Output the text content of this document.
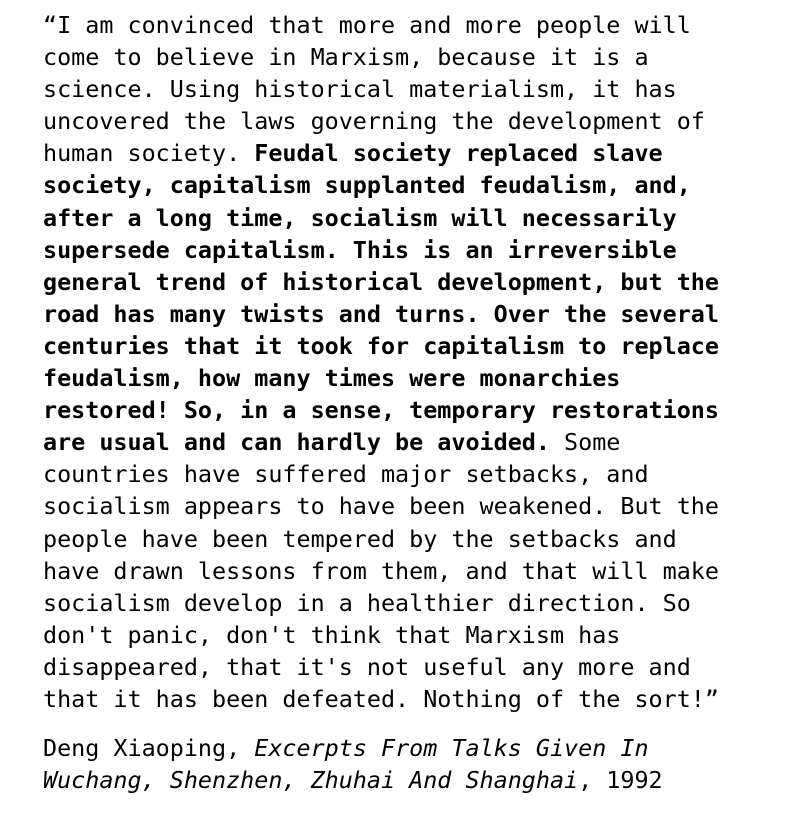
“I am convinced that more and more people will
come to believe in Marxism, because it is a
science. Using historical materialism, it has
uncovered the laws governing the development of
human society. Feudal society replaced slave
society, capitalism supplanted feudalism, and,
after a long time, socialism will necessarily
supersede capitalism. This is an irreversible
general trend of historical development, but the
road has many twists and turns. Over the several
centuries that it took for capitalism to replace
feudalism, how many times were monarchies
restored! So, in a sense, temporary restorations
are usual and can hardly be avoided. Some
countries have suffered major setbacks, and
socialism appears to have been weakened. But the
people have been tempered by the setbacks and
have drawn lessons from them, and that will make
socialism develop in a healthier direction. So
don't panic, don't think that Marxism has
disappeared, that it's not useful any more and
that it has been defeated. Nothing of the sort!”

Deng Xiaoping, Excerpts From Talks Given In
Wuchang, Shenzhen, Zhuhai And Shanghai, 1992
